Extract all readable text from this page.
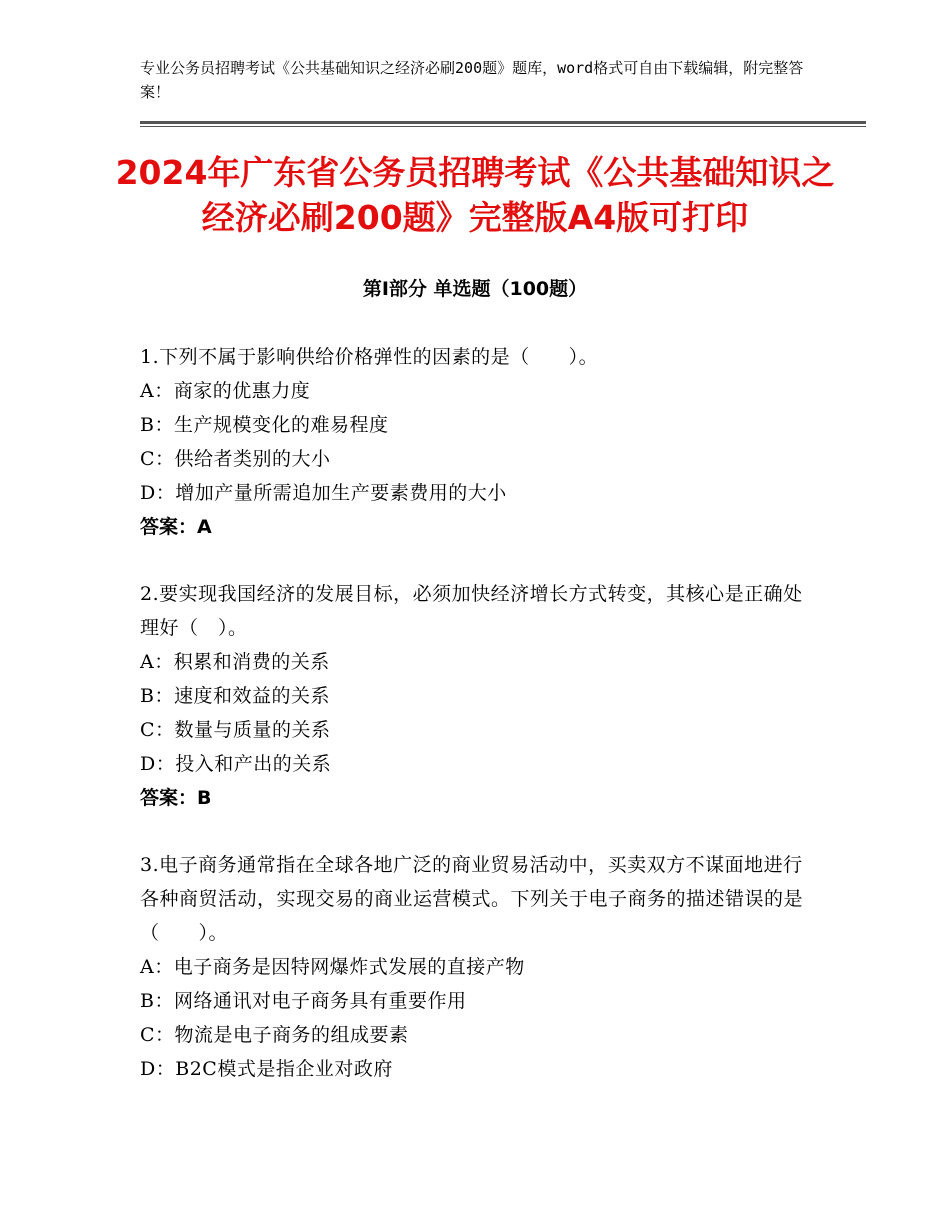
专业公务员招聘考试《公共基础知识之经济必刷200题》题库，word格式可自由下载编辑，附完整答案！
2024年广东省公务员招聘考试《公共基础知识之经济必刷200题》完整版A4版可打印
第Ⅰ部分 单选题（100题）
1.下列不属于影响供给价格弹性的因素的是（　　）。
A：商家的优惠力度
B：生产规模变化的难易程度
C：供给者类别的大小
D：增加产量所需追加生产要素费用的大小
答案：A
2.要实现我国经济的发展目标，必须加快经济增长方式转变，其核心是正确处理好（　）。
A：积累和消费的关系
B：速度和效益的关系
C：数量与质量的关系
D：投入和产出的关系
答案：B
3.电子商务通常指在全球各地广泛的商业贸易活动中，买卖双方不谋面地进行各种商贸活动，实现交易的商业运营模式。下列关于电子商务的描述错误的是（　　）。
A：电子商务是因特网爆炸式发展的直接产物
B：网络通讯对电子商务具有重要作用
C：物流是电子商务的组成要素
D：B2C模式是指企业对政府
